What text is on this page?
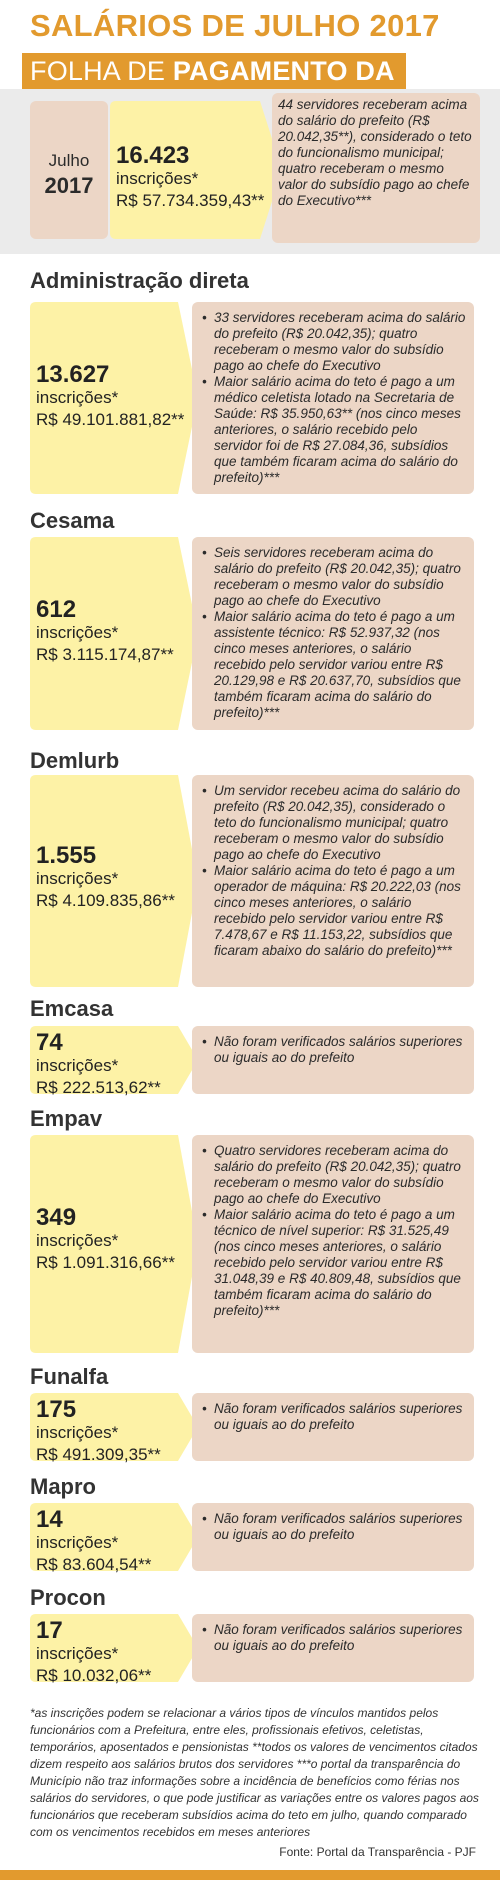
SALÁRIOS DE JULHO 2017
FOLHA DE PAGAMENTO DA
Julho
2017
16.423
inscrições*
R$ 57.734.359,43**
44 servidores receberam acima do salário do prefeito (R$ 20.042,35**), considerado o teto do funcionalismo municipal; quatro receberam o mesmo valor do subsídio pago ao chefe do Executivo***
Administração direta
13.627
inscrições*
R$ 49.101.881,82**
• 33 servidores receberam acima do salário do prefeito (R$ 20.042,35); quatro receberam o mesmo valor do subsídio pago ao chefe do Executivo
• Maior salário acima do teto é pago a um médico celetista lotado na Secretaria de Saúde: R$ 35.950,63** (nos cinco meses anteriores, o salário recebido pelo servidor foi de R$ 27.084,36, subsídios que também ficaram acima do salário do prefeito)***
Cesama
612
inscrições*
R$ 3.115.174,87**
• Seis servidores receberam acima do salário do prefeito (R$ 20.042,35); quatro receberam o mesmo valor do subsídio pago ao chefe do Executivo
• Maior salário acima do teto é pago a um assistente técnico: R$ 52.937,32 (nos cinco meses anteriores, o salário recebido pelo servidor variou entre R$ 20.129,98 e R$ 20.637,70, subsídios que também ficaram acima do salário do prefeito)***
Demlurb
1.555
inscrições*
R$ 4.109.835,86**
• Um servidor recebeu acima do salário do prefeito (R$ 20.042,35), considerado o teto do funcionalismo municipal; quatro receberam o mesmo valor do subsídio pago ao chefe do Executivo
• Maior salário acima do teto é pago a um operador de máquina: R$ 20.222,03 (nos cinco meses anteriores, o salário recebido pelo servidor variou entre R$ 7.478,67 e R$ 11.153,22, subsídios que ficaram abaixo do salário do prefeito)***
Emcasa
74
inscrições*
R$ 222.513,62**
• Não foram verificados salários superiores ou iguais ao do prefeito
Empav
349
inscrições*
R$ 1.091.316,66**
• Quatro servidores receberam acima do salário do prefeito (R$ 20.042,35); quatro receberam o mesmo valor do subsídio pago ao chefe do Executivo
• Maior salário acima do teto é pago a um técnico de nível superior: R$ 31.525,49 (nos cinco meses anteriores, o salário recebido pelo servidor variou entre R$ 31.048,39 e R$ 40.809,48, subsídios que também ficaram acima do salário do prefeito)***
Funalfa
175
inscrições*
R$ 491.309,35**
• Não foram verificados salários superiores ou iguais ao do prefeito
Mapro
14
inscrições*
R$ 83.604,54**
• Não foram verificados salários superiores ou iguais ao do prefeito
Procon
17
inscrições*
R$ 10.032,06**
• Não foram verificados salários superiores ou iguais ao do prefeito
*as inscrições podem se relacionar a vários tipos de vínculos mantidos pelos funcionários com a Prefeitura, entre eles, profissionais efetivos, celetistas, temporários, aposentados e pensionistas **todos os valores de vencimentos citados dizem respeito aos salários brutos dos servidores ***o portal da transparência do Município não traz informações sobre a incidência de benefícios como férias nos salários do servidores, o que pode justificar as variações entre os valores pagos aos funcionários que receberam subsídios acima do teto em julho, quando comparado com os vencimentos recebidos em meses anteriores
Fonte: Portal da Transparência - PJF
